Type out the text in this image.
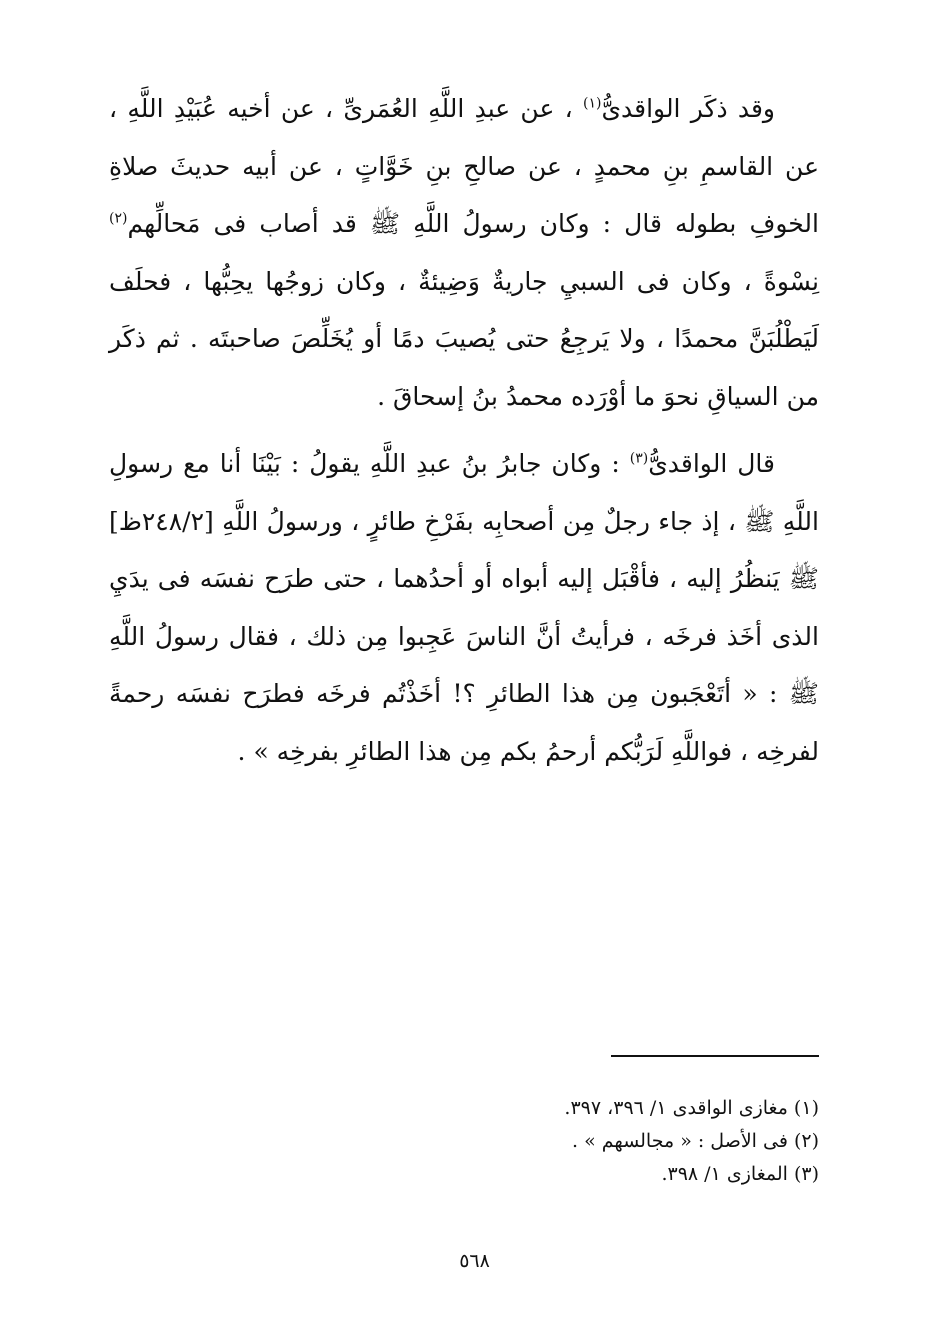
وقد ذكَر الواقدىُّ$^{(١)}$ ، عن عبدِ اللَّهِ العُمَرىِّ ، عن أخيه عُبَيْدِ اللَّهِ ، عن القاسمِ بنِ محمدٍ ، عن صالحِ بنِ خَوَّاتٍ ، عن أبيه حديثَ صلاةِ الخوفِ بطوله قال : وكان رسولُ اللَّهِ ﷺ قد أصاب فى مَحالِّهم$^{(٢)}$ نِسْوةً ، وكان فى السبيِ جاريةٌ وَضِيئةٌ ، وكان زوجُها يحِبُّها ، فحلَف لَيَطْلُبَنَّ محمدًا ، ولا يَرجِعُ حتى يُصيبَ دمًا أو يُخَلِّصَ صاحبتَه . ثم ذكَر من السياقِ نحوَ ما أوْرَده محمدُ بنُ إسحاقَ .

قال الواقدىُّ$^{(٣)}$ : وكان جابرُ بنُ عبدِ اللَّهِ يقولُ : بَيْنَا أنا مع رسولِ اللَّهِ ﷺ ، إذ جاء رجلٌ مِن أصحابِه بفَرْخِ طائرٍ ، ورسولُ اللَّهِ [٢٤٨/٢ظ] ﷺ يَنظُرُ إليه ، فأقْبَل إليه أبواه أو أحدُهما ، حتى طرَح نفسَه فى يدَيِ الذى أخَذ فرخَه ، فرأيتُ أنَّ الناسَ عَجِبوا مِن ذلك ، فقال رسولُ اللَّهِ ﷺ : « أتَعْجَبون مِن هذا الطائرِ ؟! أخَذْتُم فرخَه فطرَح نفسَه رحمةً لفرخِه ، فواللَّهِ لَرَبُّكم أرحمُ بكم مِن هذا الطائرِ بفرخِه » .

(١) مغازى الواقدى ١/ ٣٩٦، ٣٩٧.

(٢) فى الأصل : « مجالسهم » .

(٣) المغازى ١/ ٣٩٨.

٥٦٨
